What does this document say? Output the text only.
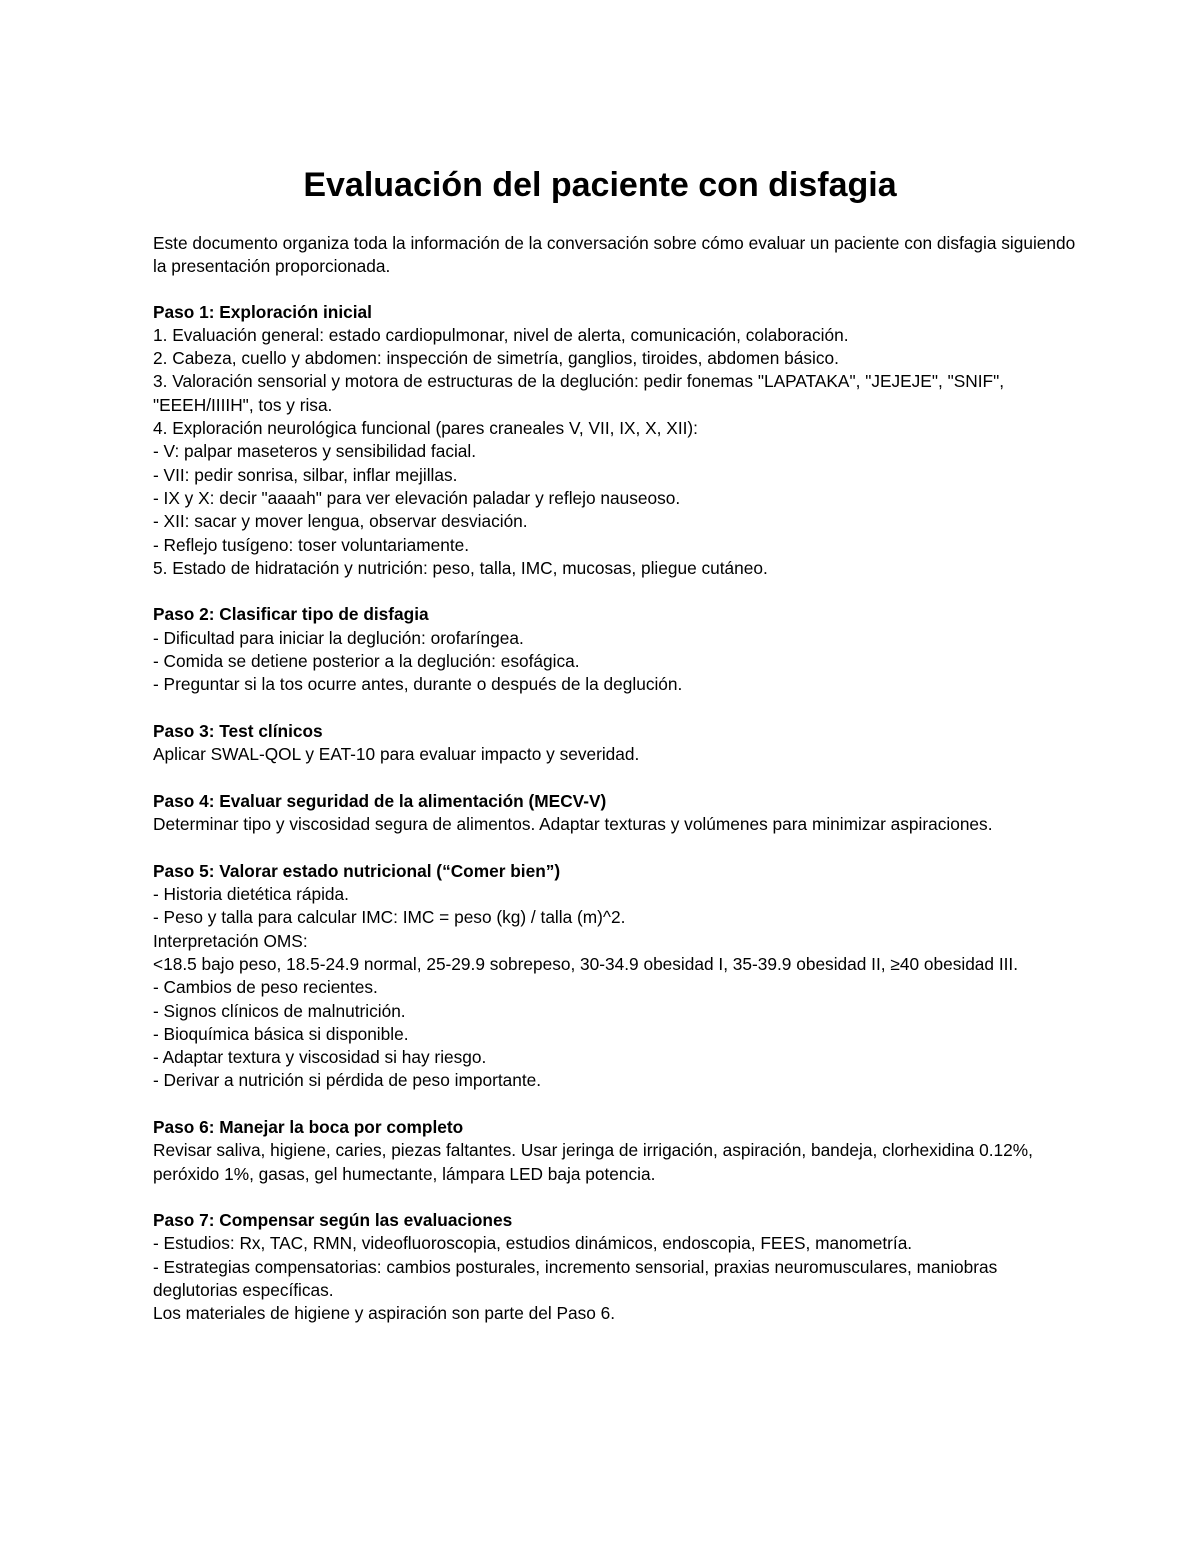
Evaluación del paciente con disfagia

Este documento organiza toda la información de la conversación sobre cómo evaluar un paciente con disfagia siguiendo la presentación proporcionada.

Paso 1: Exploración inicial
1. Evaluación general: estado cardiopulmonar, nivel de alerta, comunicación, colaboración.
2. Cabeza, cuello y abdomen: inspección de simetría, ganglios, tiroides, abdomen básico.
3. Valoración sensorial y motora de estructuras de la deglución: pedir fonemas "LAPATAKA", "JEJEJE", "SNIF", "EEEH/IIIIH", tos y risa.
4. Exploración neurológica funcional (pares craneales V, VII, IX, X, XII):
- V: palpar maseteros y sensibilidad facial.
- VII: pedir sonrisa, silbar, inflar mejillas.
- IX y X: decir "aaaah" para ver elevación paladar y reflejo nauseoso.
- XII: sacar y mover lengua, observar desviación.
- Reflejo tusígeno: toser voluntariamente.
5. Estado de hidratación y nutrición: peso, talla, IMC, mucosas, pliegue cutáneo.
Paso 2: Clasificar tipo de disfagia
- Dificultad para iniciar la deglución: orofaríngea.
- Comida se detiene posterior a la deglución: esofágica.
- Preguntar si la tos ocurre antes, durante o después de la deglución.
Paso 3: Test clínicos
Aplicar SWAL-QOL y EAT-10 para evaluar impacto y severidad.
Paso 4: Evaluar seguridad de la alimentación (MECV-V)
Determinar tipo y viscosidad segura de alimentos. Adaptar texturas y volúmenes para minimizar aspiraciones.
Paso 5: Valorar estado nutricional (“Comer bien”)
- Historia dietética rápida.
- Peso y talla para calcular IMC: IMC = peso (kg) / talla (m)^2.
Interpretación OMS:
<18.5 bajo peso, 18.5-24.9 normal, 25-29.9 sobrepeso, 30-34.9 obesidad I, 35-39.9 obesidad II, ≥40 obesidad III.
- Cambios de peso recientes.
- Signos clínicos de malnutrición.
- Bioquímica básica si disponible.
- Adaptar textura y viscosidad si hay riesgo.
- Derivar a nutrición si pérdida de peso importante.
Paso 6: Manejar la boca por completo
Revisar saliva, higiene, caries, piezas faltantes. Usar jeringa de irrigación, aspiración, bandeja, clorhexidina 0.12%, peróxido 1%, gasas, gel humectante, lámpara LED baja potencia.
Paso 7: Compensar según las evaluaciones
- Estudios: Rx, TAC, RMN, videofluoroscopia, estudios dinámicos, endoscopia, FEES, manometría.
- Estrategias compensatorias: cambios posturales, incremento sensorial, praxias neuromusculares, maniobras deglutorias específicas.
Los materiales de higiene y aspiración son parte del Paso 6.
